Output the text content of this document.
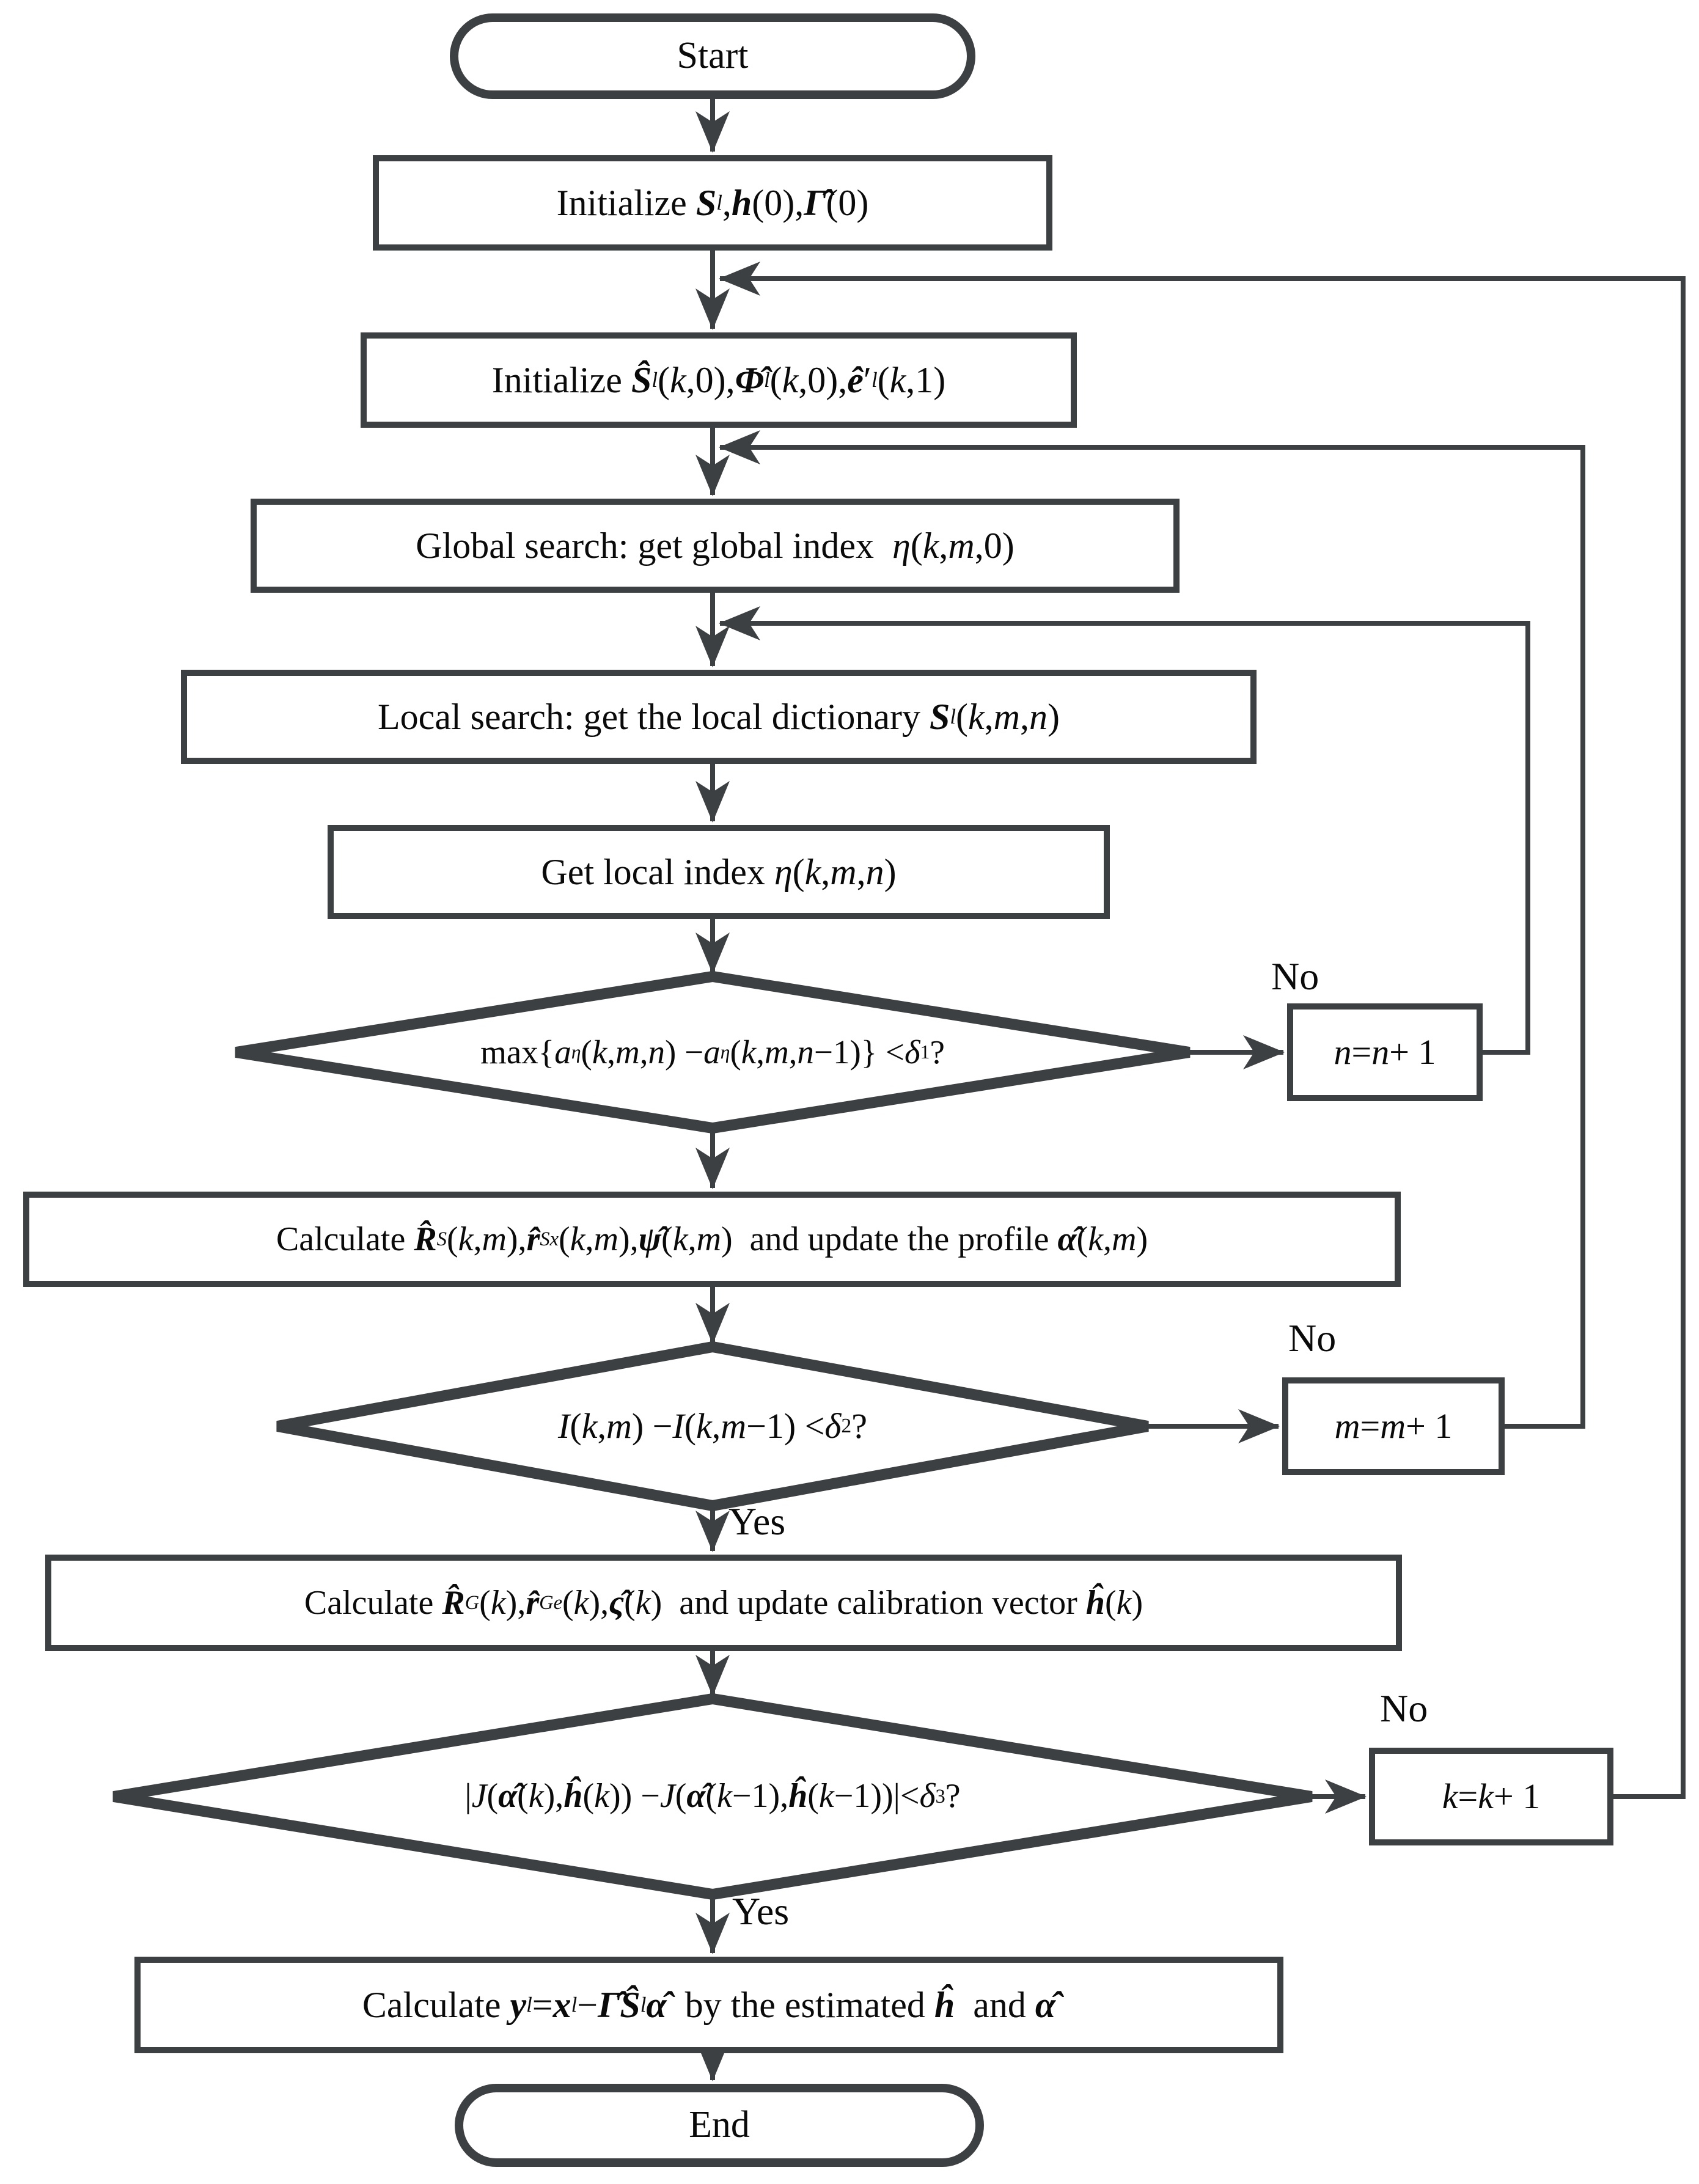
Start
Initialize S l , h (0), Γ̂ (0)
Initialize Ŝ l ( k ,0), Φ̂ l ( k ,0), ê ′ l ( k ,1)
Global search: get global index η ( k , m ,0)
Local search: get the local dictionary S l ( k , m , n )
Get local index η ( k , m , n )
max{ a η ( k , m , n ) − a η ( k , m , n −1)} < δ 1 ?	n = n + 1
Calculate R̂ S ( k , m ), r̂ Sx ( k , m ), ψ̂ ( k , m )  and update the profile α̂ ( k , m )
I ( k , m ) − I ( k , m −1) < δ 2 ?	m = m + 1
Calculate R̂ G ( k ), r̂ Ge ( k ), ς̂ ( k )  and update calibration vector ĥ ( k )
| J ( α̂ ( k ), ĥ ( k )) − J ( α̂ ( k −1), ĥ ( k −1)) | < δ 3 ?	k = k + 1
Calculate y l = x l − Γ̂Ŝ l α̂ by the estimated ĥ and α̂
End
No
No
No
Yes
Yes
